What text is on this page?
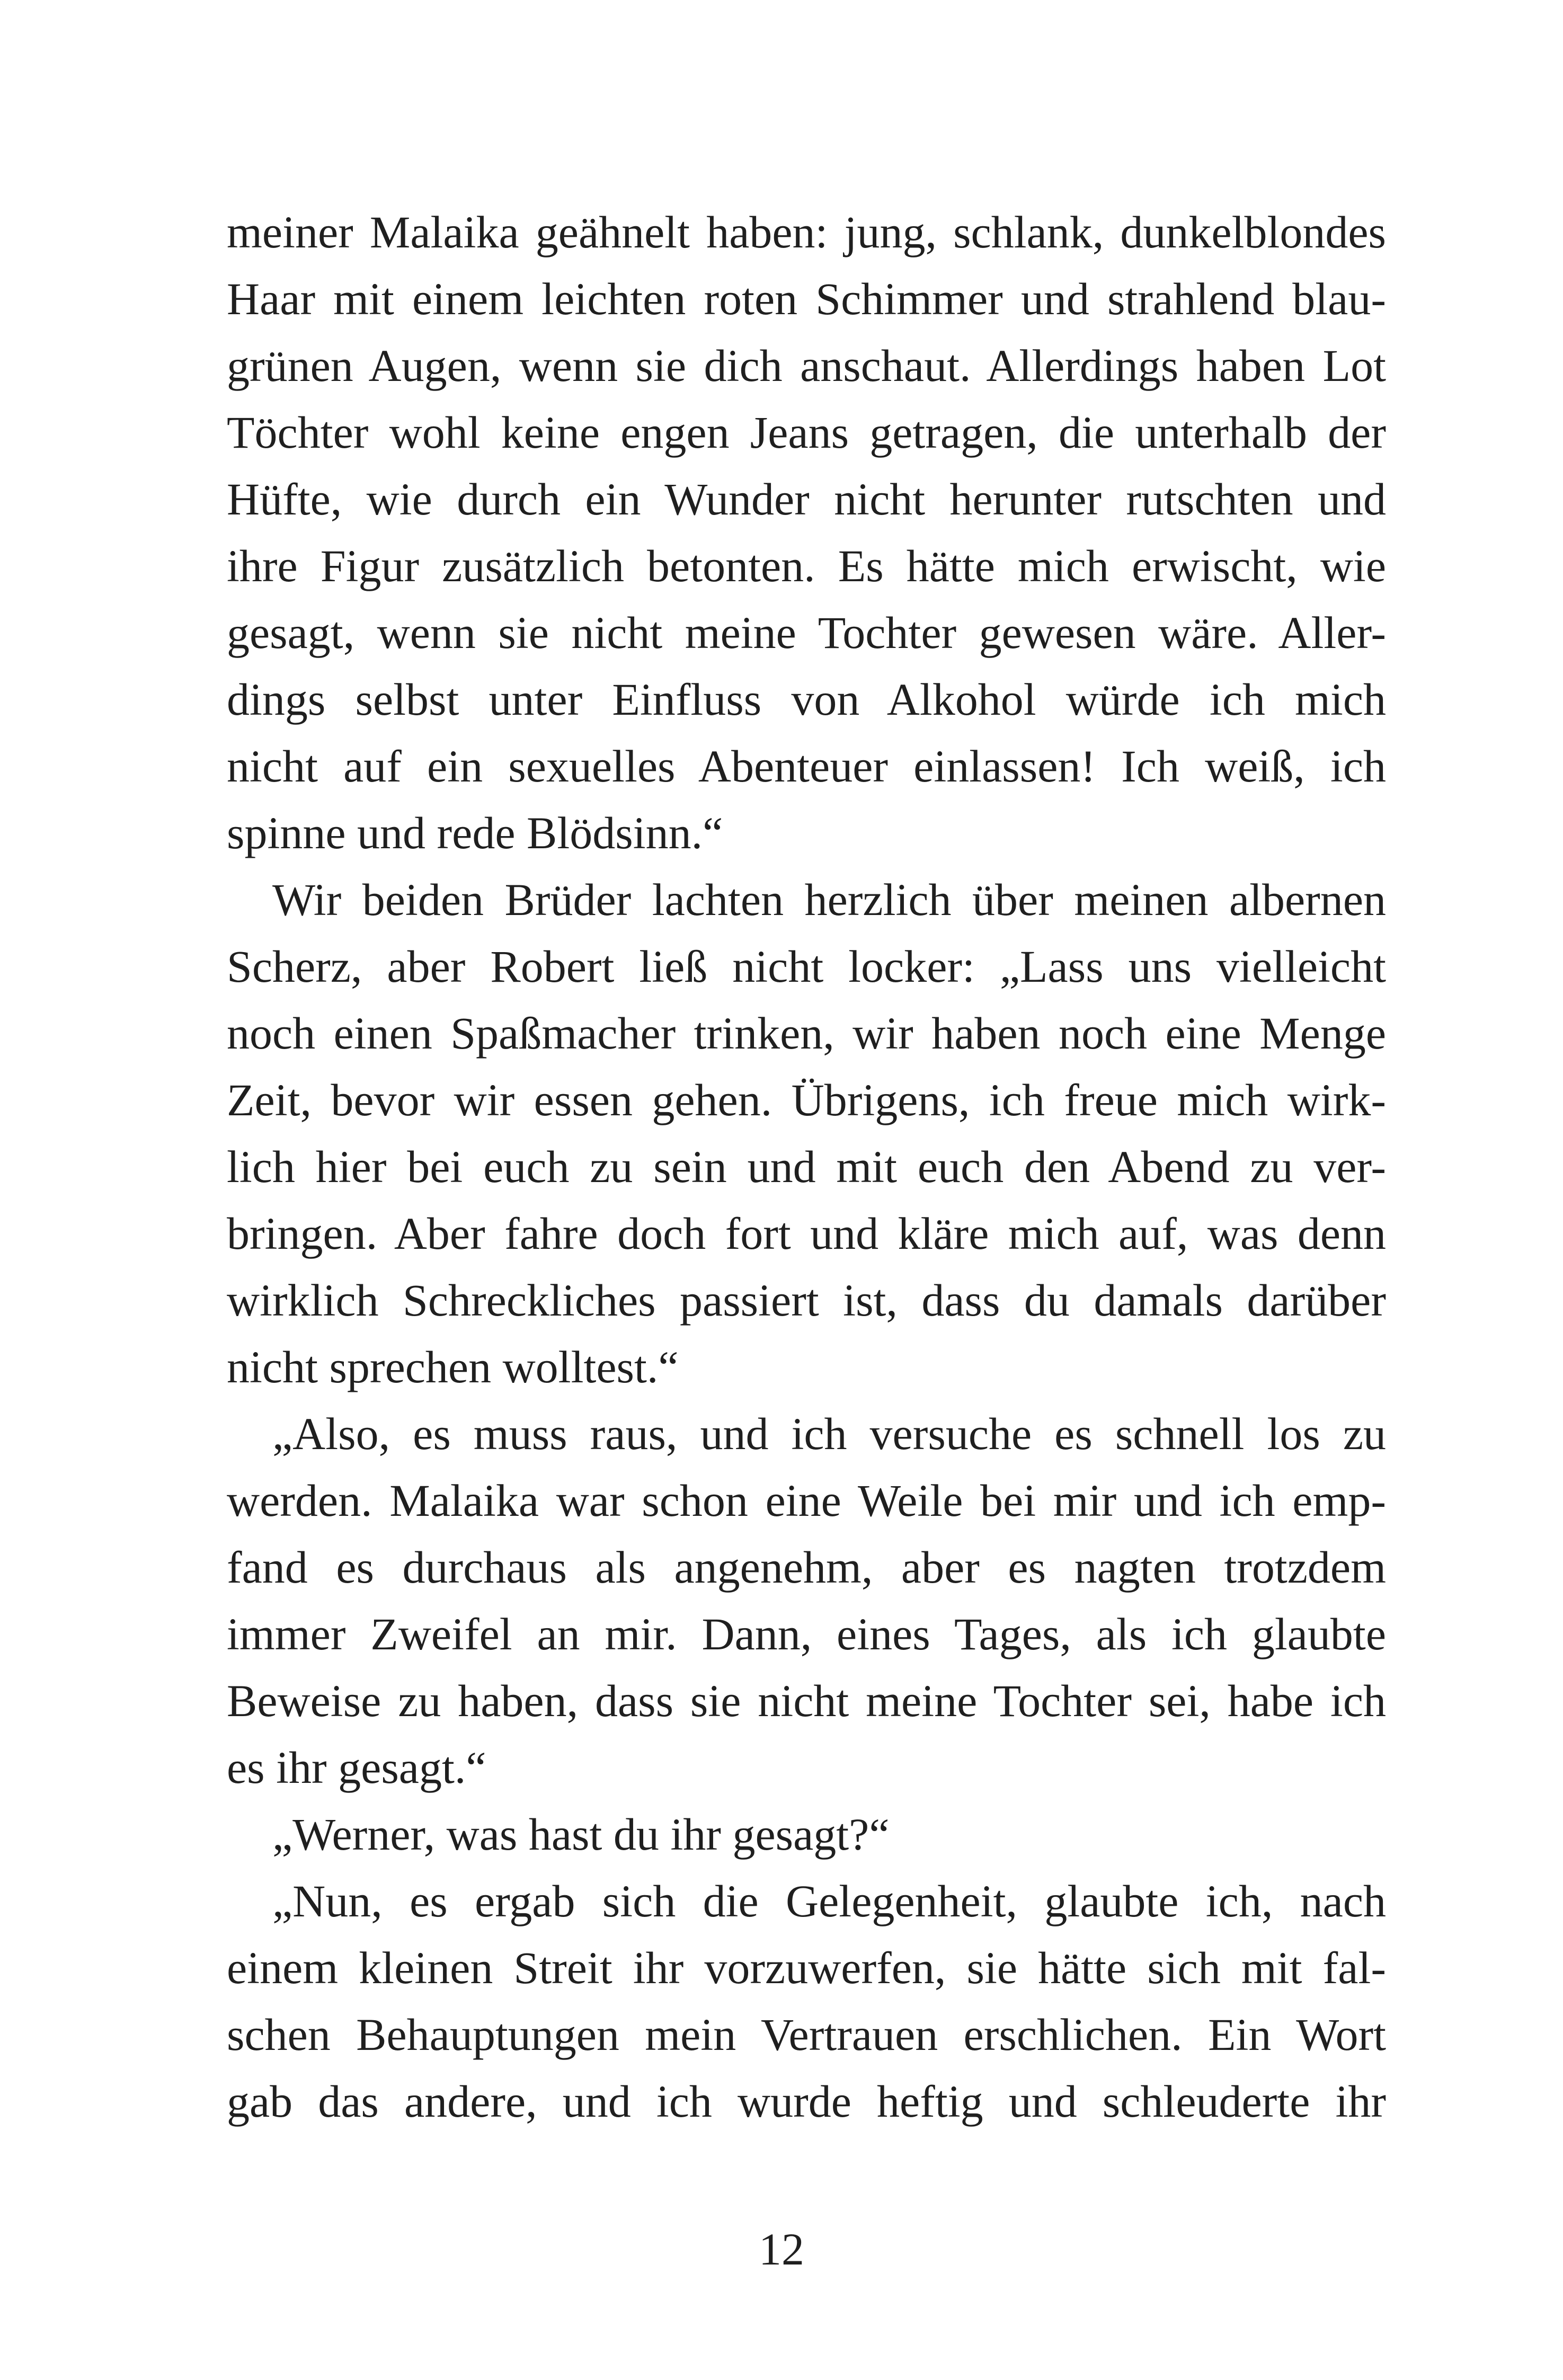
meiner Malaika geähnelt haben: jung, schlank, dunkelblondes
Haar mit einem leichten roten Schimmer und strahlend blau-
grünen Augen, wenn sie dich anschaut. Allerdings haben Lot
Töchter wohl keine engen Jeans getragen, die unterhalb der
Hüfte, wie durch ein Wunder nicht herunter rutschten und
ihre Figur zusätzlich betonten. Es hätte mich erwischt, wie
gesagt, wenn sie nicht meine Tochter gewesen wäre. Aller-
dings selbst unter Einfluss von Alkohol würde ich mich
nicht auf ein sexuelles Abenteuer einlassen! Ich weiß, ich
spinne und rede Blödsinn.“
Wir beiden Brüder lachten herzlich über meinen albernen
Scherz, aber Robert ließ nicht locker: „Lass uns vielleicht
noch einen Spaßmacher trinken, wir haben noch eine Menge
Zeit, bevor wir essen gehen. Übrigens, ich freue mich wirk-
lich hier bei euch zu sein und mit euch den Abend zu ver-
bringen. Aber fahre doch fort und kläre mich auf, was denn
wirklich Schreckliches passiert ist, dass du damals darüber
nicht sprechen wolltest.“
„Also, es muss raus, und ich versuche es schnell los zu
werden. Malaika war schon eine Weile bei mir und ich emp-
fand es durchaus als angenehm, aber es nagten trotzdem
immer Zweifel an mir. Dann, eines Tages, als ich glaubte
Beweise zu haben, dass sie nicht meine Tochter sei, habe ich
es ihr gesagt.“
„Werner, was hast du ihr gesagt?“
„Nun, es ergab sich die Gelegenheit, glaubte ich, nach
einem kleinen Streit ihr vorzuwerfen, sie hätte sich mit fal-
schen Behauptungen mein Vertrauen erschlichen. Ein Wort
gab das andere, und ich wurde heftig und schleuderte ihr
12
